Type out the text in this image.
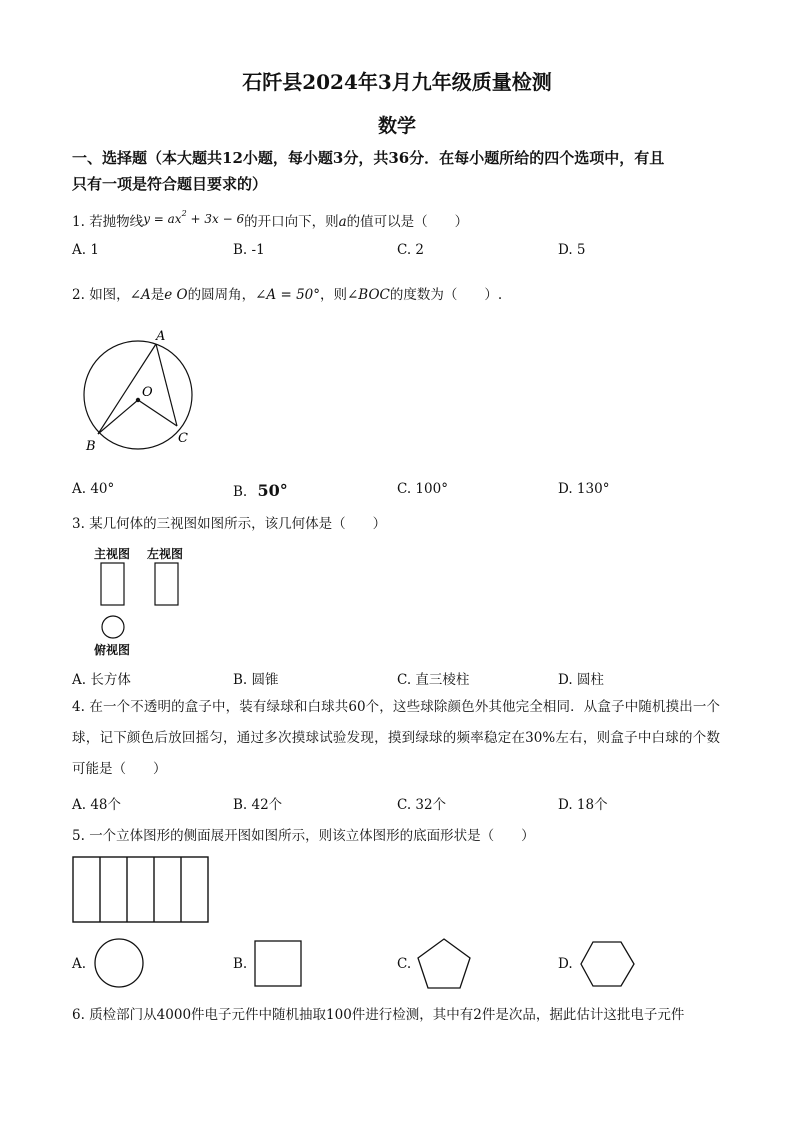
石阡县2024年3月九年级质量检测
数学
一、选择题（本大题共12小题，每小题3分，共36分．在每小题所给的四个选项中，有且
只有一项是符合题目要求的）
1. 若抛物线$y = ax^2 + 3x - 6$的开口向下，则a的值可以是（　　）
A. 1	B. -1	C. 2	D. 5
2. 如图，∠A是e O的圆周角，∠A = 50°，则∠BOC的度数为（　　）.
A
O
B
C
A. 40°	B. 50°	C. 100°	D. 130°
3. 某几何体的三视图如图所示，该几何体是（　　）
主视图 左视图
俯视图
A. 长方体	B. 圆锥	C. 直三棱柱	D. 圆柱
4. 在一个不透明的盒子中，装有绿球和白球共60个，这些球除颜色外其他完全相同．从盒子中随机摸出一个球，记下颜色后放回摇匀，通过多次摸球试验发现，摸到绿球的频率稳定在30%左右，则盒子中白球的个数可能是（　　）
A. 48个	B. 42个	C. 32个	D. 18个
5. 一个立体图形的侧面展开图如图所示，则该立体图形的底面形状是（　　）
A.	B.	C.	D.
6. 质检部门从4000件电子元件中随机抽取100件进行检测，其中有2件是次品，据此估计这批电子元件
